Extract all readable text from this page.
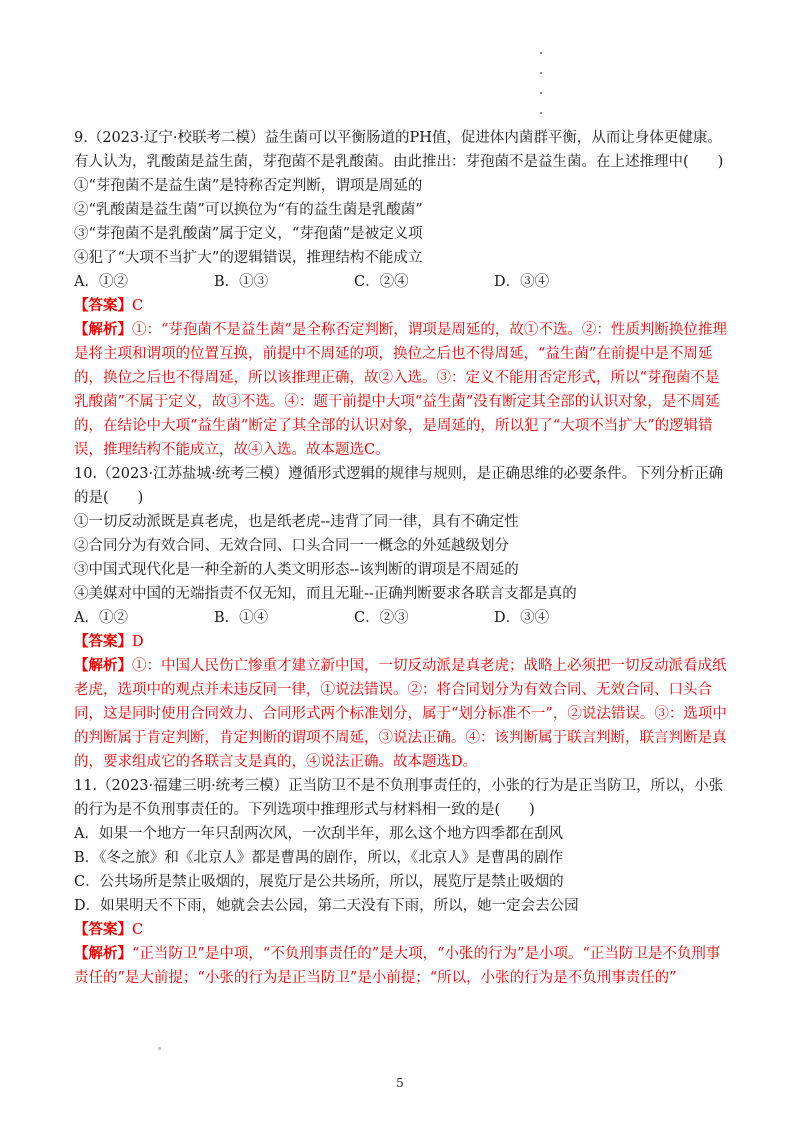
9.（2023·辽宁·校联考二模）益生菌可以平衡肠道的PH值，促进体内菌群平衡，从而让身体更健康。有人认为，乳酸菌是益生菌，芽孢菌不是乳酸菌。由此推出：芽孢菌不是益生菌。在上述推理中(　　)

①“芽孢菌不是益生菌”是特称否定判断，谓项是周延的
②“乳酸菌是益生菌”可以换位为“有的益生菌是乳酸菌”
③“芽孢菌不是乳酸菌”属于定义，“芽孢菌”是被定义项
④犯了“大项不当扩大”的逻辑错误，推理结构不能成立
A．①②	B．①③	C．②④	D．③④
【答案】C

【解析】①：“芽孢菌不是益生菌”是全称否定判断，谓项是周延的，故①不选。②：性质判断换位推理是将主项和谓项的位置互换，前提中不周延的项，换位之后也不得周延，“益生菌”在前提中是不周延的，换位之后也不得周延，所以该推理正确，故②入选。③：定义不能用否定形式，所以“芽孢菌不是乳酸菌”不属于定义，故③不选。④：题干前提中大项“益生菌”没有断定其全部的认识对象，是不周延的，在结论中大项“益生菌”断定了其全部的认识对象，是周延的，所以犯了“大项不当扩大”的逻辑错误，推理结构不能成立，故④入选。故本题选C。

10.（2023·江苏盐城·统考三模）遵循形式逻辑的规律与规则，是正确思维的必要条件。下列分析正确的是(　　)

①一切反动派既是真老虎，也是纸老虎--违背了同一律，具有不确定性
②合同分为有效合同、无效合同、口头合同一一概念的外延越级划分
③中国式现代化是一种全新的人类文明形态--该判断的谓项是不周延的
④美媒对中国的无端指责不仅无知，而且无耻--正确判断要求各联言支都是真的
A．①②	B．①④	C．②③	D．③④
【答案】D

【解析】①：中国人民伤亡惨重才建立新中国，一切反动派是真老虎；战略上必须把一切反动派看成纸老虎，选项中的观点并未违反同一律，①说法错误。②：将合同划分为有效合同、无效合同、口头合同，这是同时使用合同效力、合同形式两个标准划分，属于“划分标准不一”，②说法错误。③：选项中的判断属于肯定判断，肯定判断的谓项不周延，③说法正确。④：该判断属于联言判断，联言判断是真的，要求组成它的各联言支是真的，④说法正确。故本题选D。

11.（2023·福建三明·统考三模）正当防卫不是不负刑事责任的，小张的行为是正当防卫，所以，小张的行为是不负刑事责任的。下列选项中推理形式与材料相一致的是(　　)

A．如果一个地方一年只刮两次风，一次刮半年，那么这个地方四季都在刮风
B．《冬之旅》和《北京人》都是曹禺的剧作，所以，《北京人》是曹禺的剧作
C．公共场所是禁止吸烟的，展览厅是公共场所，所以，展览厅是禁止吸烟的
D．如果明天不下雨，她就会去公园，第二天没有下雨，所以，她一定会去公园
【答案】C

【解析】“正当防卫”是中项，“不负刑事责任的”是大项，“小张的行为”是小项。“正当防卫是不负刑事责任的”是大前提；“小张的行为是正当防卫”是小前提；“所以，小张的行为是不负刑事责任的”

5
